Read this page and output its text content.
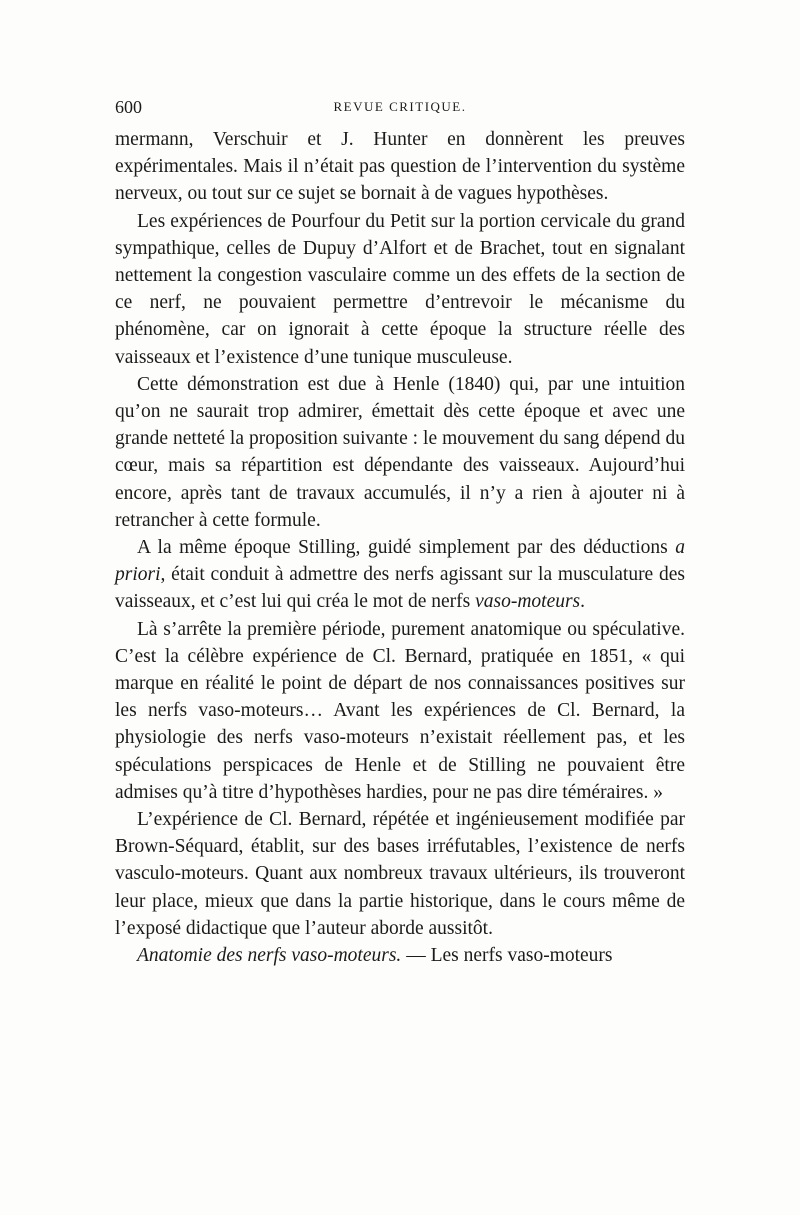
600	REVUE CRITIQUE.

mermann, Verschuir et J. Hunter en donnèrent les preuves expérimentales. Mais il n’était pas question de l’intervention du système nerveux, ou tout sur ce sujet se bornait à de vagues hypothèses.

Les expériences de Pourfour du Petit sur la portion cervicale du grand sympathique, celles de Dupuy d’Alfort et de Brachet, tout en signalant nettement la congestion vasculaire comme un des effets de la section de ce nerf, ne pouvaient permettre d’entrevoir le mécanisme du phénomène, car on ignorait à cette époque la structure réelle des vaisseaux et l’existence d’une tunique musculeuse.

Cette démonstration est due à Henle (1840) qui, par une intuition qu’on ne saurait trop admirer, émettait dès cette époque et avec une grande netteté la proposition suivante : le mouvement du sang dépend du cœur, mais sa répartition est dépendante des vaisseaux. Aujourd’hui encore, après tant de travaux accumulés, il n’y a rien à ajouter ni à retrancher à cette formule.

A la même époque Stilling, guidé simplement par des déductions a priori, était conduit à admettre des nerfs agissant sur la musculature des vaisseaux, et c’est lui qui créa le mot de nerfs vaso-moteurs.

Là s’arrête la première période, purement anatomique ou spéculative. C’est la célèbre expérience de Cl. Bernard, pratiquée en 1851, « qui marque en réalité le point de départ de nos connaissances positives sur les nerfs vaso-moteurs… Avant les expériences de Cl. Bernard, la physiologie des nerfs vaso-moteurs n’existait réellement pas, et les spéculations perspicaces de Henle et de Stilling ne pouvaient être admises qu’à titre d’hypothèses hardies, pour ne pas dire téméraires. »

L’expérience de Cl. Bernard, répétée et ingénieusement modifiée par Brown-Séquard, établit, sur des bases irréfutables, l’existence de nerfs vasculo-moteurs. Quant aux nombreux travaux ultérieurs, ils trouveront leur place, mieux que dans la partie historique, dans le cours même de l’exposé didactique que l’auteur aborde aussitôt.

Anatomie des nerfs vaso-moteurs. — Les nerfs vaso-moteurs
